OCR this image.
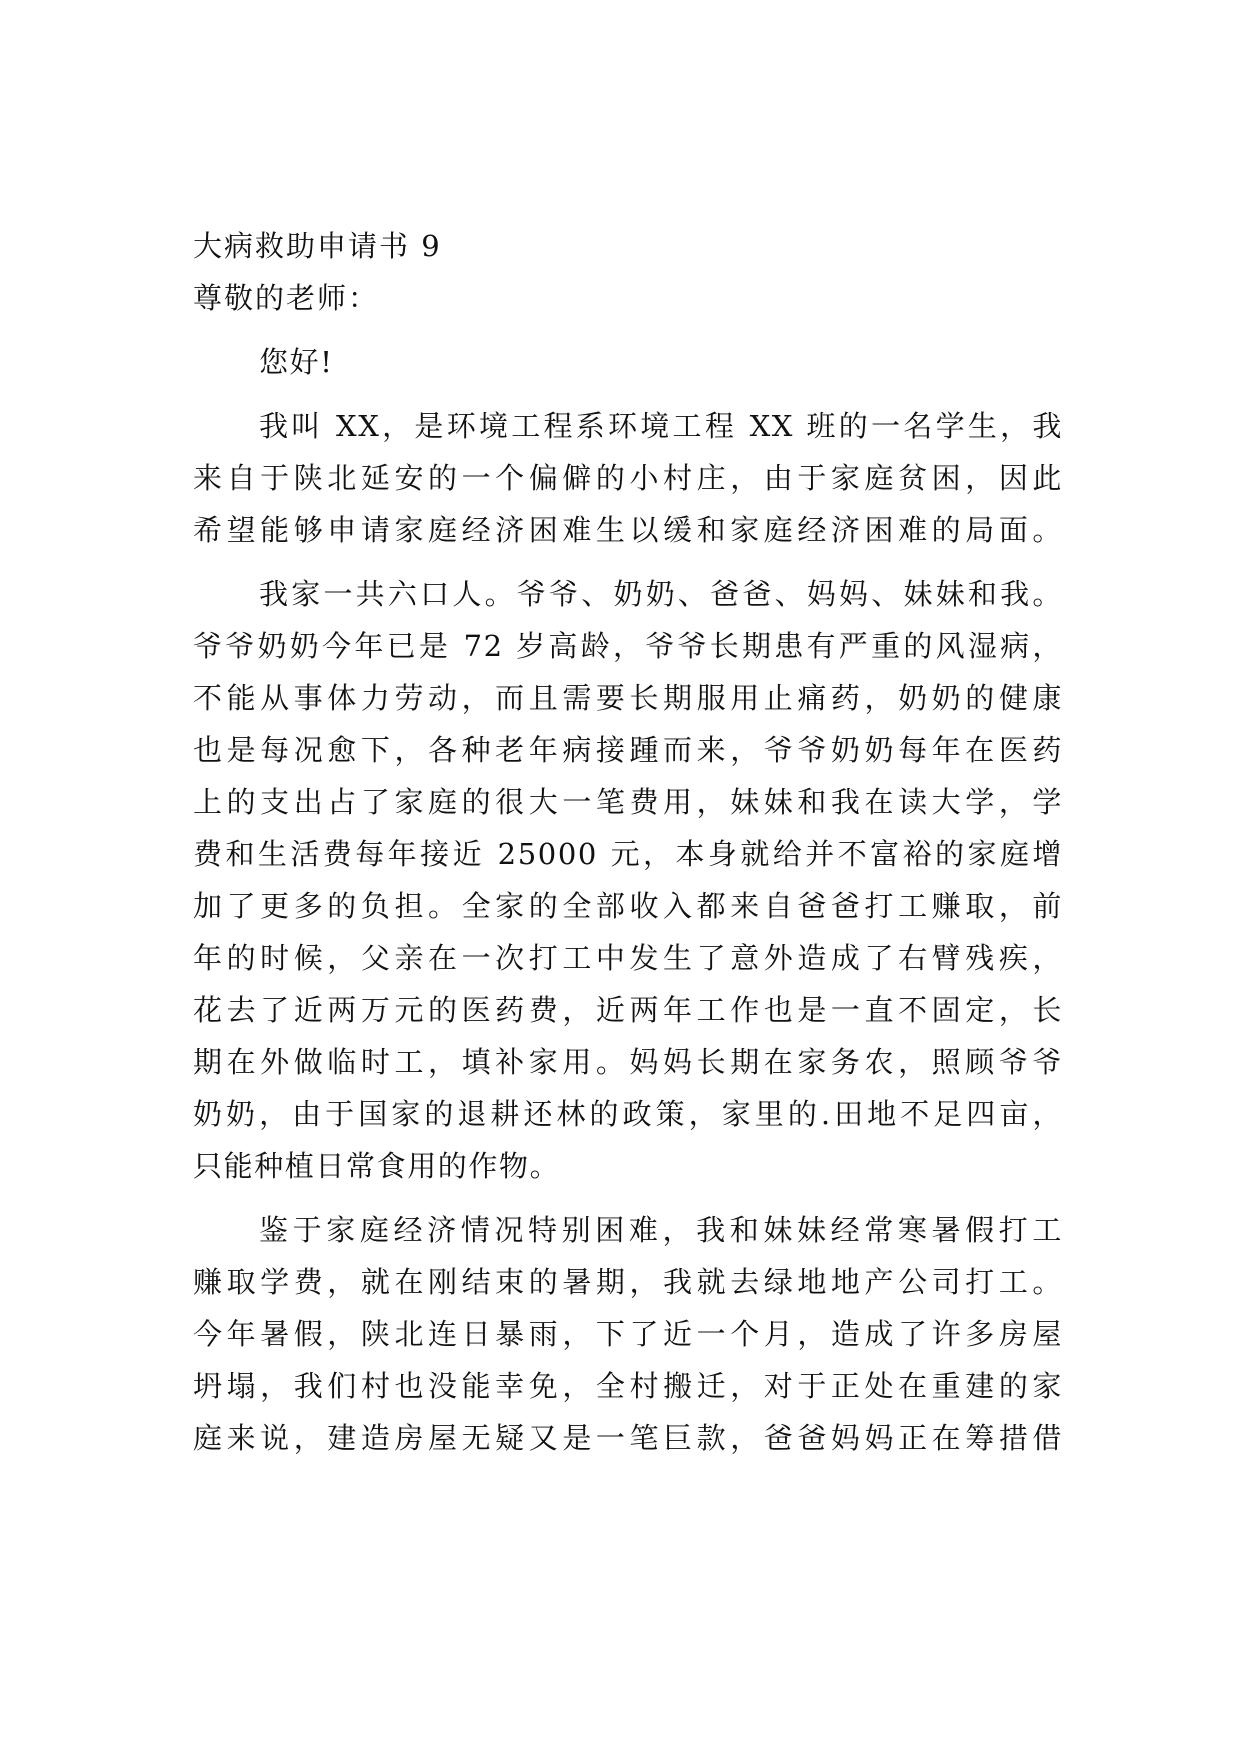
大病救助申请书 9
尊敬的老师：
您好!
我叫 XX，是环境工程系环境工程 XX 班的一名学生，我
来自于陕北延安的一个偏僻的小村庄，由于家庭贫困，因此
希望能够申请家庭经济困难生以缓和家庭经济困难的局面。
我家一共六口人。爷爷、奶奶、爸爸、妈妈、妹妹和我。
爷爷奶奶今年已是 72 岁高龄，爷爷长期患有严重的风湿病，
不能从事体力劳动，而且需要长期服用止痛药，奶奶的健康
也是每况愈下，各种老年病接踵而来，爷爷奶奶每年在医药
上的支出占了家庭的很大一笔费用，妹妹和我在读大学，学
费和生活费每年接近 25000 元，本身就给并不富裕的家庭增
加了更多的负担。全家的全部收入都来自爸爸打工赚取，前
年的时候，父亲在一次打工中发生了意外造成了右臂残疾，
花去了近两万元的医药费，近两年工作也是一直不固定，长
期在外做临时工，填补家用。妈妈长期在家务农，照顾爷爷
奶奶，由于国家的退耕还林的政策，家里的.田地不足四亩，
只能种植日常食用的作物。
鉴于家庭经济情况特别困难，我和妹妹经常寒暑假打工
赚取学费，就在刚结束的暑期，我就去绿地地产公司打工。
今年暑假，陕北连日暴雨，下了近一个月，造成了许多房屋
坍塌，我们村也没能幸免，全村搬迁，对于正处在重建的家
庭来说，建造房屋无疑又是一笔巨款，爸爸妈妈正在筹措借
